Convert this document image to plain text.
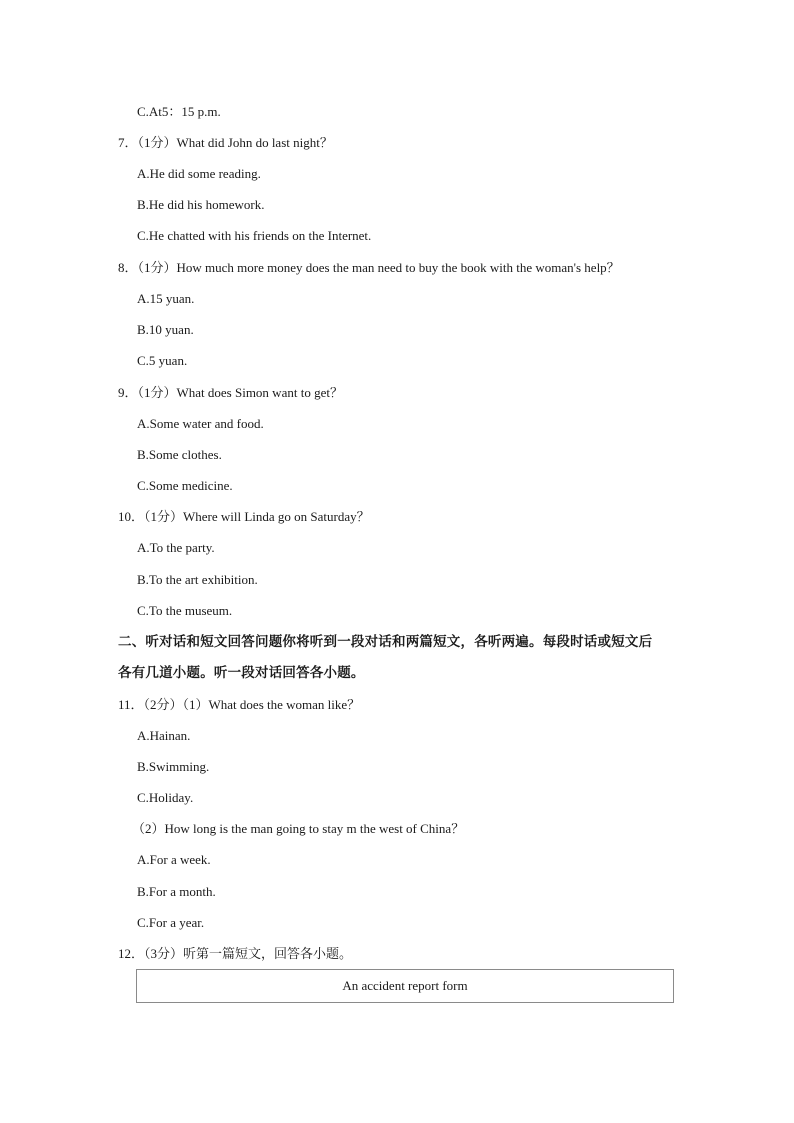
C.At5：15 p.m.
7．（1分）What did John do last night？
A.He did some reading.
B.He did his homework.
C.He chatted with his friends on the Internet.
8．（1分）How much more money does the man need to buy the book with the woman's help？
A.15 yuan.
B.10 yuan.
C.5 yuan.
9．（1分）What does Simon want to get？
A.Some water and food.
B.Some clothes.
C.Some medicine.
10．（1分）Where will Linda go on Saturday？
A.To the party.
B.To the art exhibition.
C.To the museum.
二、听对话和短文回答问题你将听到一段对话和两篇短文，各听两遍。每段时话或短文后
各有几道小题。听一段对话回答各小题。
11．（2分）（1）What does the woman like？
A.Hainan.
B.Swimming.
C.Holiday.
（2）How long is the man going to stay m the west of China？
A.For a week.
B.For a month.
C.For a year.
12．（3分）听第一篇短文，回答各小题。
An accident report form
